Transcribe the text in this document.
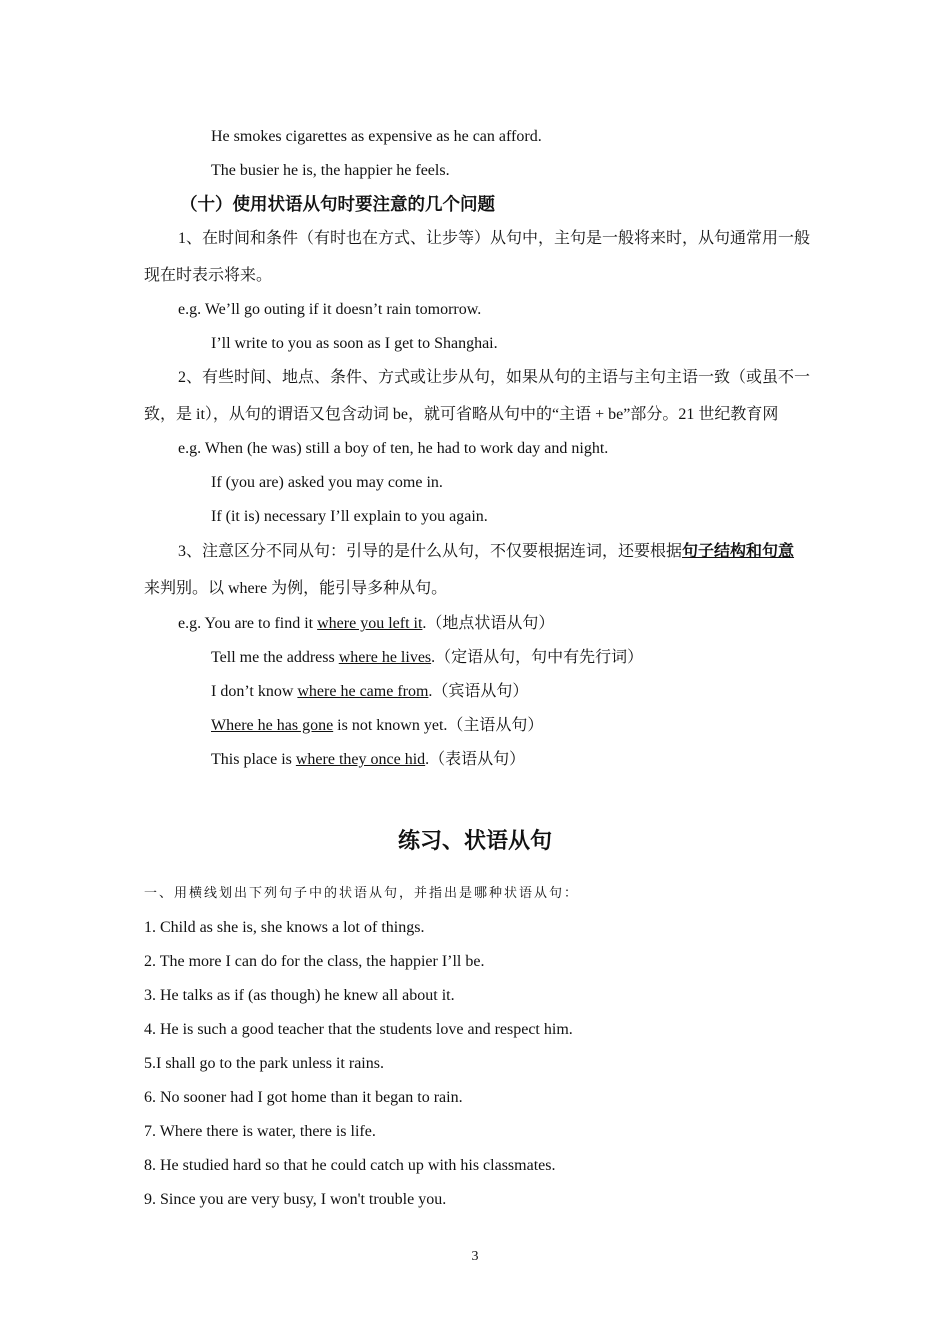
He smokes cigarettes as expensive as he can afford.

The busier he is, the happier he feels.

（十）使用状语从句时要注意的几个问题

1、在时间和条件（有时也在方式、让步等）从句中，主句是一般将来时，从句通常用一般

现在时表示将来。

e.g. We’ll go outing if it doesn’t rain tomorrow.

I’ll write to you as soon as I get to Shanghai.

2、有些时间、地点、条件、方式或让步从句，如果从句的主语与主句主语一致（或虽不一

致，是 it），从句的谓语又包含动词 be，就可省略从句中的“主语 + be”部分。21 世纪教育网

e.g. When (he was) still a boy of ten, he had to work day and night.

If (you are) asked you may come in.

If (it is) necessary I’ll explain to you again.

3、注意区分不同从句：引导的是什么从句，不仅要根据连词，还要根据句子结构和句意

来判别。以 where 为例，能引导多种从句。

e.g. You are to find it where you left it.（地点状语从句）

Tell me the address where he lives.（定语从句，句中有先行词）

I don’t know where he came from.（宾语从句）

Where he has gone is not known yet.（主语从句）

This place is where they once hid.（表语从句）

练习、状语从句

一、用横线划出下列句子中的状语从句，并指出是哪种状语从句：

1. Child as she is, she knows a lot of things.

2. The more I can do for the class, the happier I’ll be.

3. He talks as if (as though) he knew all about it.

4. He is such a good teacher that the students love and respect him.

5.I shall go to the park unless it rains.

6. No sooner had I got home than it began to rain.

7. Where there is water, there is life.

8. He studied hard so that he could catch up with his classmates.

9. Since you are very busy, I won't trouble you.

3
